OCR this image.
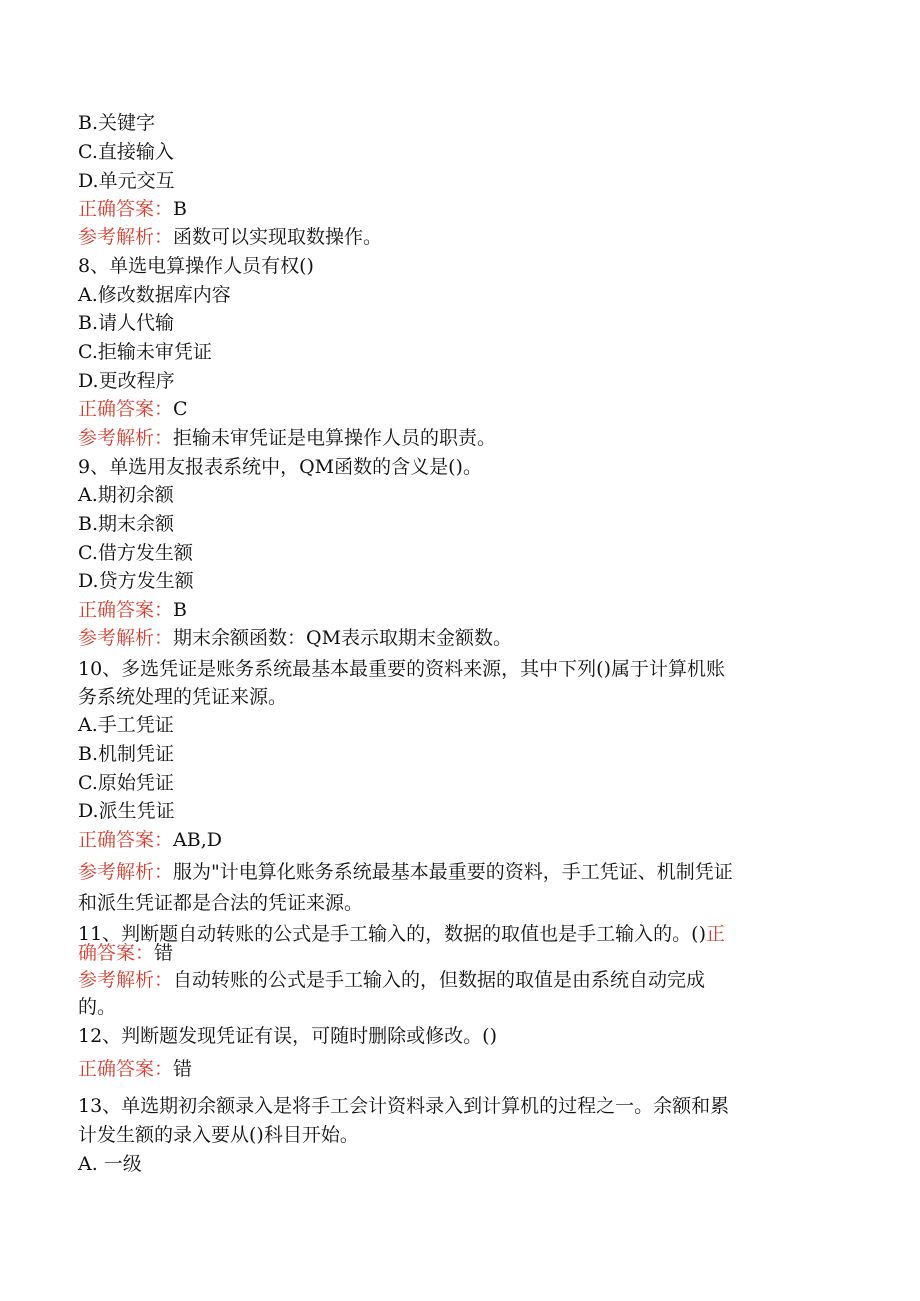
B.关键字
C.直接输入
D.单元交互
正确答案：B
参考解析：函数可以实现取数操作。
8、单选电算操作人员有权()
A.修改数据库内容
B.请人代输
C.拒输未审凭证
D.更改程序
正确答案：C
参考解析：拒输未审凭证是电算操作人员的职责。
9、单选用友报表系统中，QM函数的含义是()。
A.期初余额
B.期末余额
C.借方发生额
D.贷方发生额
正确答案：B
参考解析：期末余额函数：QM表示取期末金额数。
10、多选凭证是账务系统最基本最重要的资料来源，其中下列()属于计算机账
务系统处理的凭证来源。
A.手工凭证
B.机制凭证
C.原始凭证
D.派生凭证
正确答案：AB,D
参考解析：服为"计电算化账务系统最基本最重要的资料，手工凭证、机制凭证
和派生凭证都是合法的凭证来源。
11、判断题自动转账的公式是手工输入的，数据的取值也是手工输入的。()正
确答案：错
参考解析：自动转账的公式是手工输入的，但数据的取值是由系统自动完成
的。
12、判断题发现凭证有误，可随时删除或修改。()
正确答案：错
13、单选期初余额录入是将手工会计资料录入到计算机的过程之一。余额和累
计发生额的录入要从()科目开始。
A. 一级
